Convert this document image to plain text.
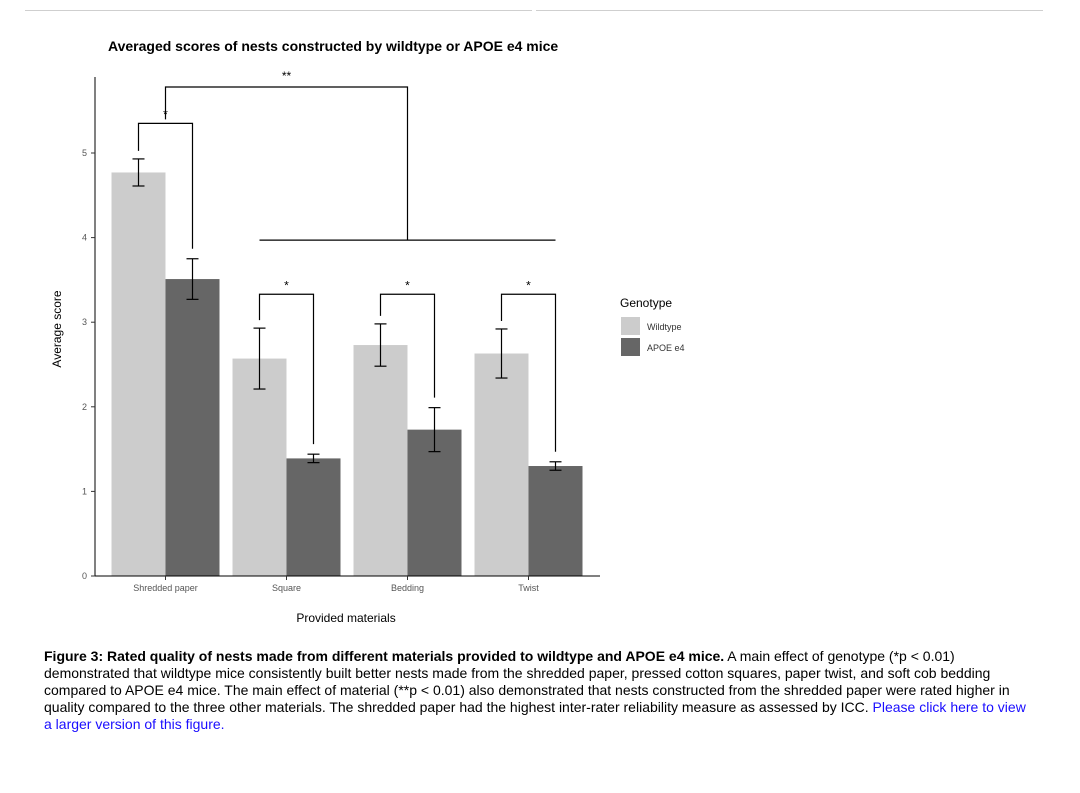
Averaged scores of nests constructed by wildtype or APOE e4 mice
0
1
2
3
4
5
Shredded paper	Square	Bedding	Twist
*
*	*	*
**
Provided materials
Average score	Genotype
Wildtype
APOE e4
Figure 3: Rated quality of nests made from different materials provided to wildtype and APOE e4 mice. A main effect of genotype (*p < 0.01) demonstrated that wildtype mice consistently built better nests made from the shredded paper, pressed cotton squares, paper twist, and soft cob bedding compared to APOE e4 mice. The main effect of material (**p < 0.01) also demonstrated that nests constructed from the shredded paper were rated higher in quality compared to the three other materials. The shredded paper had the highest inter-rater reliability measure as assessed by ICC. Please click here to view a larger version of this figure.
